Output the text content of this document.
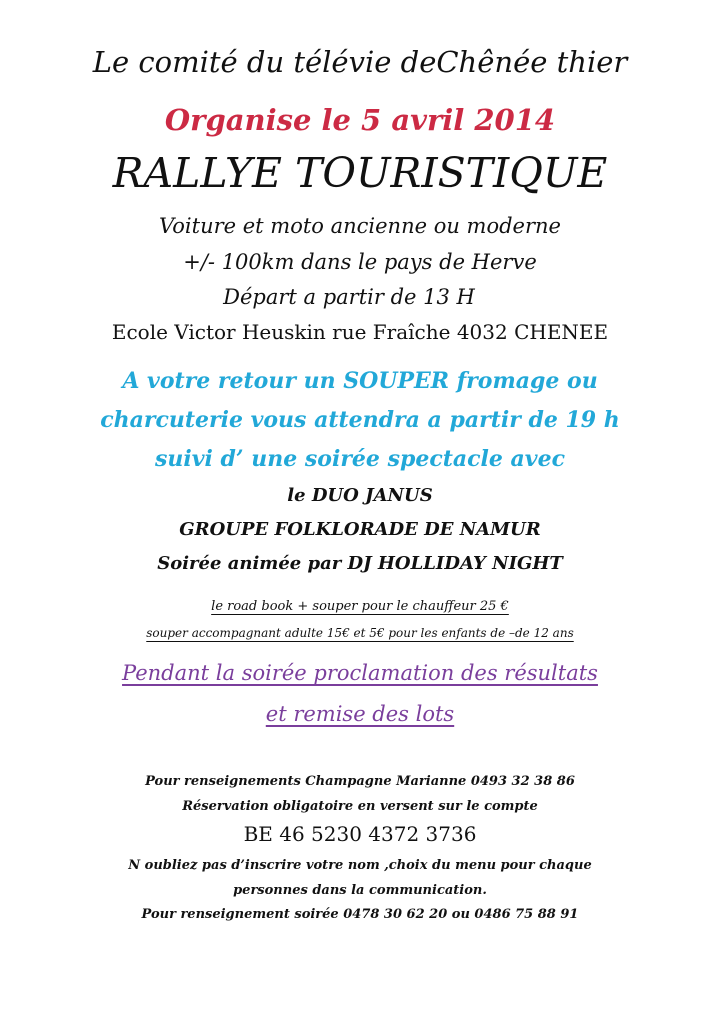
Le comité du télévie deChênée thier
Organise le 5 avril 2014
RALLYE TOURISTIQUE
Voiture et moto ancienne ou moderne
+/- 100km dans le pays de Herve
Départ a partir de 13 H
Ecole Victor Heuskin rue Fraîche 4032 CHENEE
A votre retour un SOUPER fromage ou
charcuterie vous attendra a partir de 19 h
suivi d’ une soirée spectacle avec
le DUO JANUS
GROUPE FOLKLORADE DE NAMUR
Soirée animée par DJ HOLLIDAY NIGHT
le road book + souper pour le chauffeur 25 €
souper accompagnant adulte 15€ et 5€ pour les enfants de –de 12 ans
Pendant la soirée proclamation des résultats
et remise des lots
Pour renseignements Champagne Marianne 0493 32 38 86
Réservation obligatoire en versent sur le compte
BE 46 5230 4372 3736
N oubliez pas d’inscrire votre nom ,choix du menu pour chaque
personnes dans la communication.
Pour renseignement soirée 0478 30 62 20 ou 0486 75 88 91
